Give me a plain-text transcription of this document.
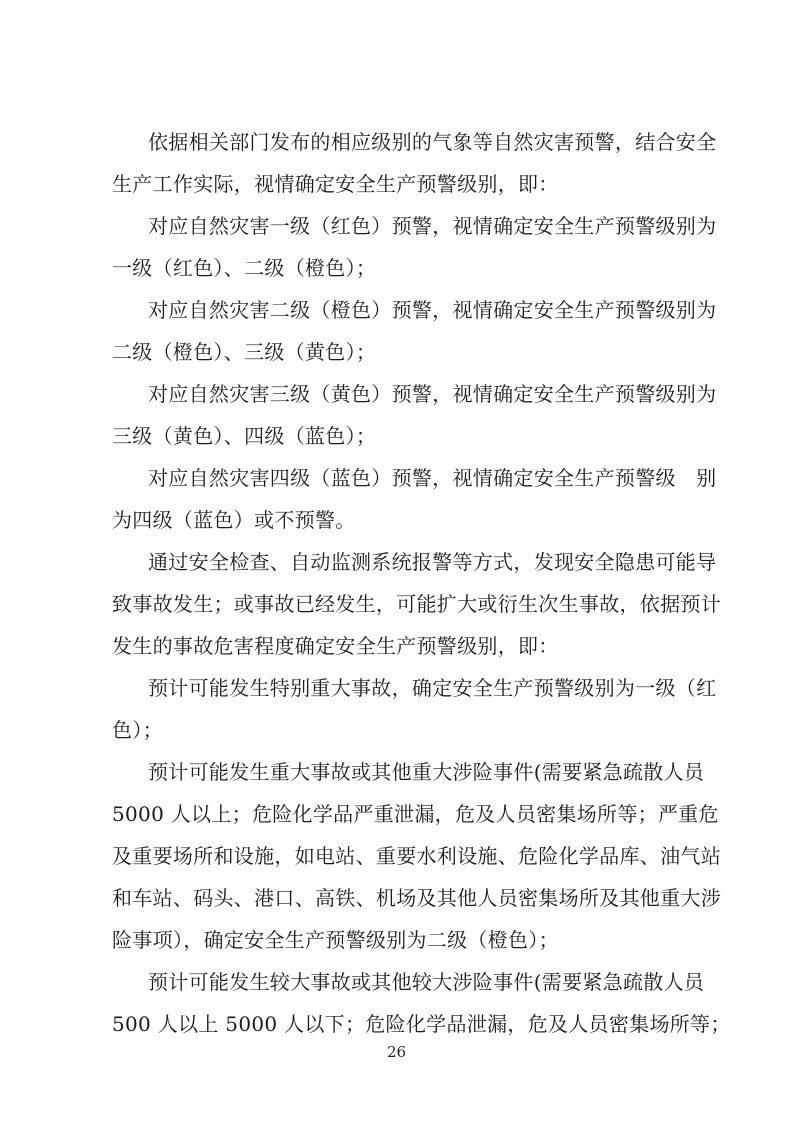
依据相关部门发布的相应级别的气象等自然灾害预警，结合安全
生产工作实际，视情确定安全生产预警级别，即：
对应自然灾害一级（红色）预警，视情确定安全生产预警级别为
一级（红色）、二级（橙色）；
对应自然灾害二级（橙色）预警，视情确定安全生产预警级别为
二级（橙色）、三级（黄色）；
对应自然灾害三级（黄色）预警，视情确定安全生产预警级别为
三级（黄色）、四级（蓝色）；
对应自然灾害四级（蓝色）预警，视情确定安全生产预警级　别
为四级（蓝色）或不预警。
通过安全检查、自动监测系统报警等方式，发现安全隐患可能导
致事故发生；或事故已经发生，可能扩大或衍生次生事故，依据预计
发生的事故危害程度确定安全生产预警级别，即：
预计可能发生特别重大事故，确定安全生产预警级别为一级（红
色）；
预计可能发生重大事故或其他重大涉险事件(需要紧急疏散人员
5000 人以上；危险化学品严重泄漏，危及人员密集场所等；严重危
及重要场所和设施，如电站、重要水利设施、危险化学品库、油气站
和车站、码头、港口、高铁、机场及其他人员密集场所及其他重大涉
险事项），确定安全生产预警级别为二级（橙色）；
预计可能发生较大事故或其他较大涉险事件(需要紧急疏散人员
500 人以上 5000 人以下；危险化学品泄漏，危及人员密集场所等；
26
